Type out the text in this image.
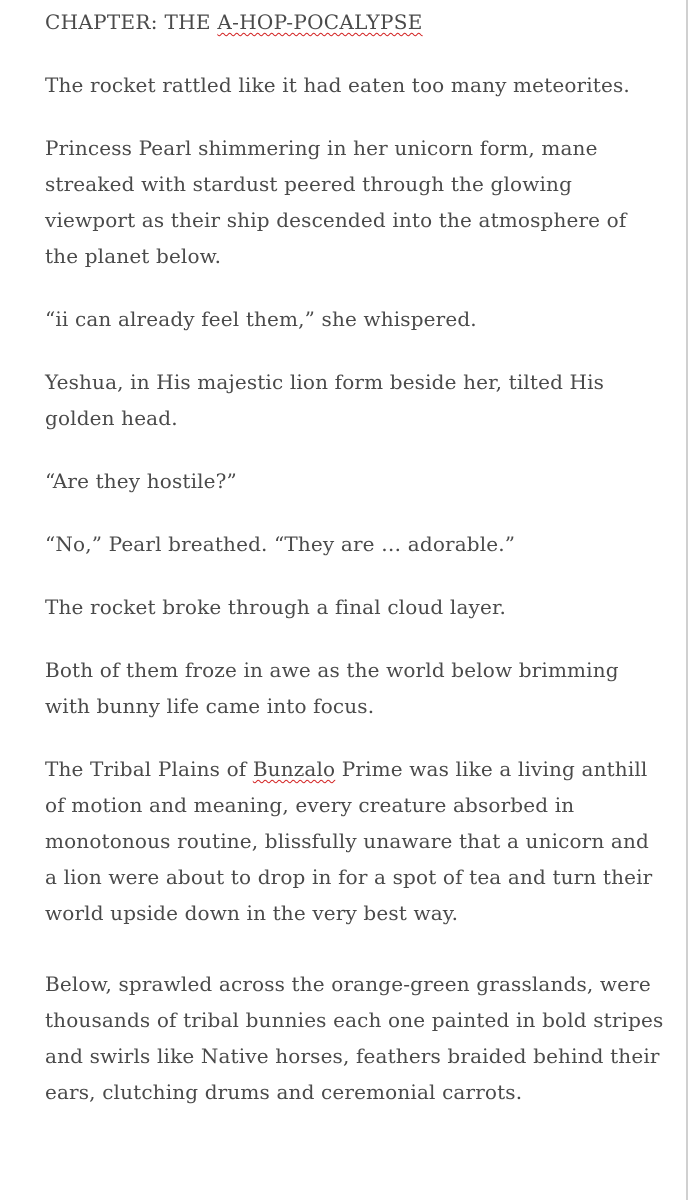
CHAPTER: THE A-HOP-POCALYPSE

The rocket rattled like it had eaten too many meteorites.

Princess Pearl shimmering in her unicorn form, mane streaked with stardust peered through the glowing viewport as their ship descended into the atmosphere of the planet below.

“ii can already feel them,” she whispered.

Yeshua, in His majestic lion form beside her, tilted His golden head.

“Are they hostile?”

“No,” Pearl breathed. “They are … adorable.”

The rocket broke through a final cloud layer.

Both of them froze in awe as the world below brimming with bunny life came into focus.

The Tribal Plains of Bunzalo Prime was like a living anthill of motion and meaning, every creature absorbed in monotonous routine, blissfully unaware that a unicorn and a lion were about to drop in for a spot of tea and turn their world upside down in the very best way.

Below, sprawled across the orange-green grasslands, were thousands of tribal bunnies each one painted in bold stripes and swirls like Native horses, feathers braided behind their ears, clutching drums and ceremonial carrots.
